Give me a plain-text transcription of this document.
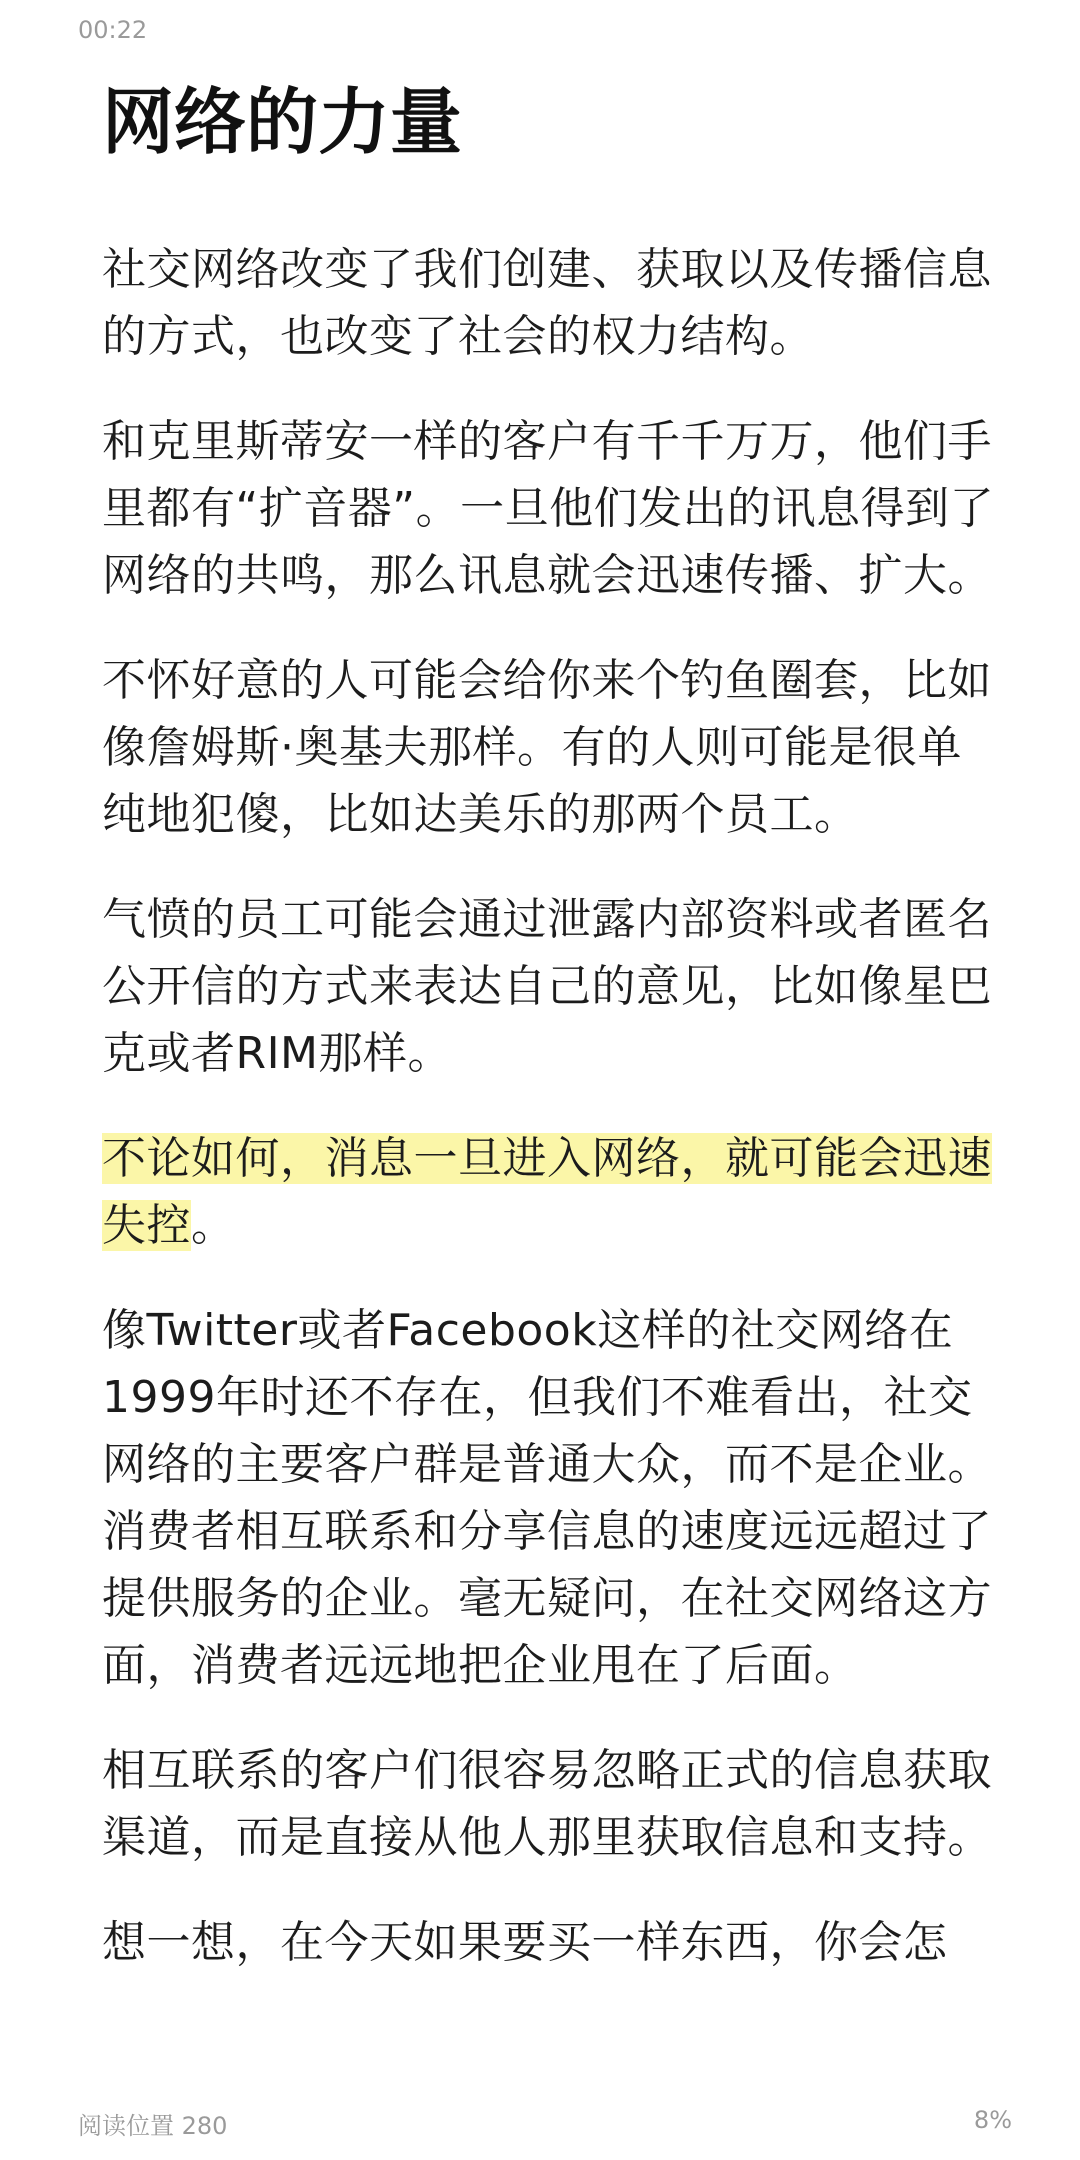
00:22
网络的力量

社交网络改变了我们创建、获取以及传播信息的方式，也改变了社会的权力结构。

和克里斯蒂安一样的客户有千千万万，他们手里都有“扩音器”。一旦他们发出的讯息得到了网络的共鸣，那么讯息就会迅速传播、扩大。

不怀好意的人可能会给你来个钓鱼圈套，比如像詹姆斯·奥基夫那样。有的人则可能是很单纯地犯傻，比如达美乐的那两个员工。

气愤的员工可能会通过泄露内部资料或者匿名公开信的方式来表达自己的意见，比如像星巴克或者RIM那样。

不论如何，消息一旦进入网络，就可能会迅速失控。

像Twitter或者Facebook这样的社交网络在1999年时还不存在，但我们不难看出，社交网络的主要客户群是普通大众，而不是企业。消费者相互联系和分享信息的速度远远超过了提供服务的企业。毫无疑问，在社交网络这方面，消费者远远地把企业甩在了后面。

相互联系的客户们很容易忽略正式的信息获取渠道，而是直接从他人那里获取信息和支持。

想一想，在今天如果要买一样东西，你会怎

阅读位置 280	8%
